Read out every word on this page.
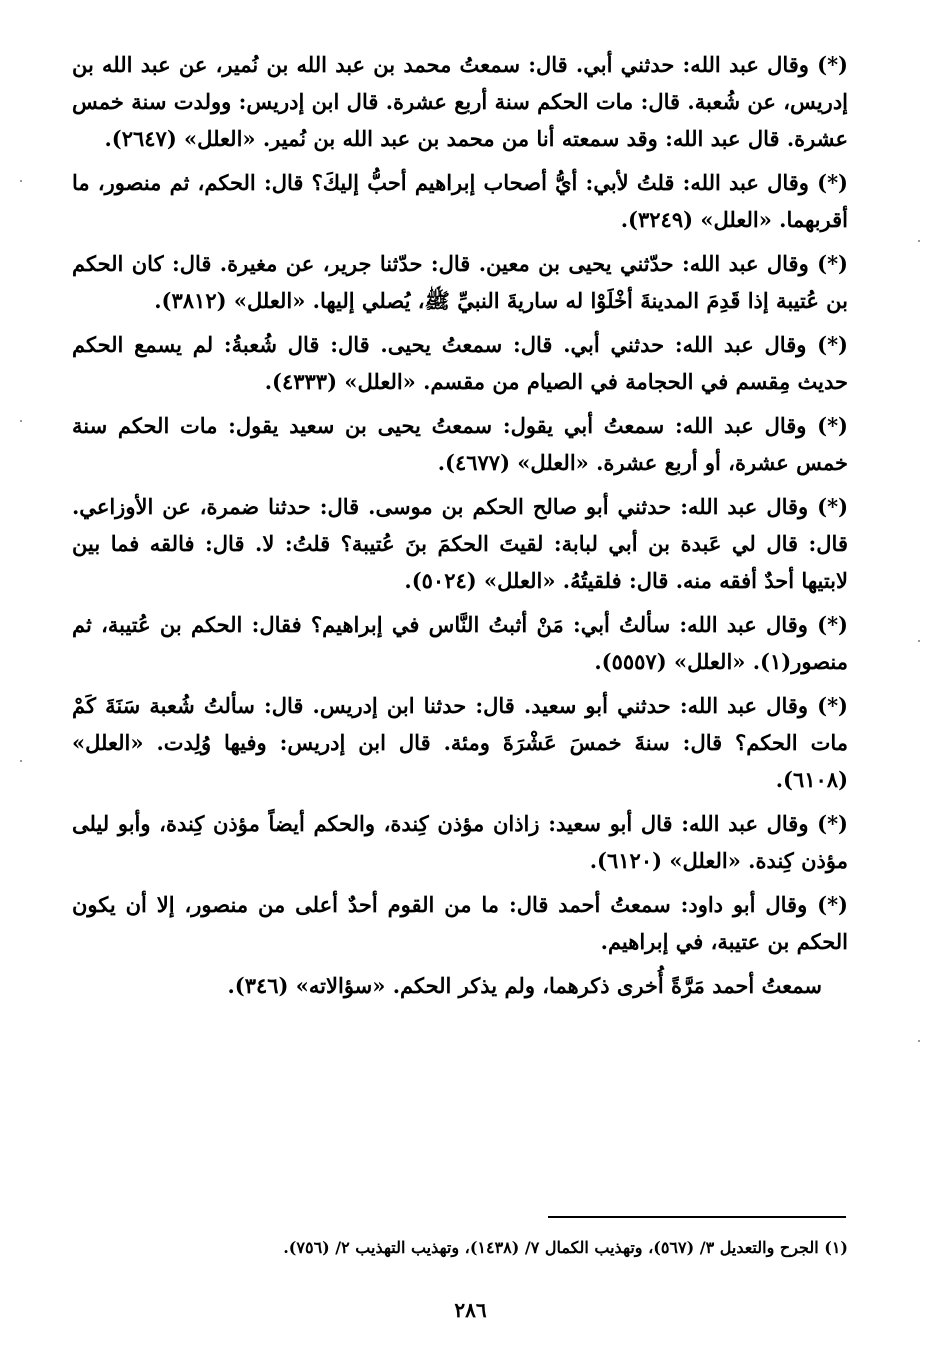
(*) وقال عبد الله: حدثني أبي. قال: سمعتُ محمد بن عبد الله بن نُمير، عن عبد الله بن إدريس، عن شُعبة. قال: مات الحكم سنة أربع عشرة. قال ابن إدريس: وولدت سنة خمس عشرة. قال عبد الله: وقد سمعته أنا من محمد بن عبد الله بن نُمير. «العلل» (٢٦٤٧).

(*) وقال عبد الله: قلتُ لأبي: أيُّ أصحاب إبراهيم أحبُّ إليكَ؟ قال: الحكم، ثم منصور، ما أقربهما. «العلل» (٣٢٤٩).

(*) وقال عبد الله: حدّثني يحيى بن معين. قال: حدّثنا جرير، عن مغيرة. قال: كان الحكم بن عُتيبة إذا قَدِمَ المدينةَ أخْلَوْا له ساريةَ النبيِّ ﷺ، يُصلي إليها. «العلل» (٣٨١٢).

(*) وقال عبد الله: حدثني أبي. قال: سمعتُ يحيى. قال: قال شُعبةُ: لم يسمع الحكم حديث مِقسم في الحجامة في الصيام من مقسم. «العلل» (٤٣٣٣).

(*) وقال عبد الله: سمعتُ أبي يقول: سمعتُ يحيى بن سعيد يقول: مات الحكم سنة خمس عشرة، أو أربع عشرة. «العلل» (٤٦٧٧).

(*) وقال عبد الله: حدثني أبو صالح الحكم بن موسى. قال: حدثنا ضمرة، عن الأوزاعي. قال: قال لي عَبدة بن أبي لبابة: لقيتَ الحكمَ بنَ عُتيبة؟ قلتُ: لا. قال: فالقه فما بين لابتيها أحدٌ أفقه منه. قال: فلقيتُهُ. «العلل» (٥٠٢٤).

(*) وقال عبد الله: سألتُ أبي: مَنْ أثبتُ النَّاس في إبراهيم؟ فقال: الحكم بن عُتيبة، ثم منصور(١). «العلل» (٥٥٥٧).

(*) وقال عبد الله: حدثني أبو سعيد. قال: حدثنا ابن إدريس. قال: سألتُ شُعبة سَنَةَ كَمْ مات الحكم؟ قال: سنةَ خمسَ عَشْرَةَ ومئة. قال ابن إدريس: وفيها وُلِدت. «العلل» (٦١٠٨).

(*) وقال عبد الله: قال أبو سعيد: زاذان مؤذن كِندة، والحكم أيضاً مؤذن كِندة، وأبو ليلى مؤذن كِندة. «العلل» (٦١٢٠).

(*) وقال أبو داود: سمعتُ أحمد قال: ما من القوم أحدٌ أعلى من منصور، إلا أن يكون الحكم بن عتيبة، في إبراهيم.

سمعتُ أحمد مَرَّةً أُخرى ذكرهما، ولم يذكر الحكم. «سؤالاته» (٣٤٦).

(١) الجرح والتعديل ٣/ (٥٦٧)، وتهذيب الكمال ٧/ (١٤٣٨)، وتهذيب التهذيب ٢/ (٧٥٦).
٢٨٦
